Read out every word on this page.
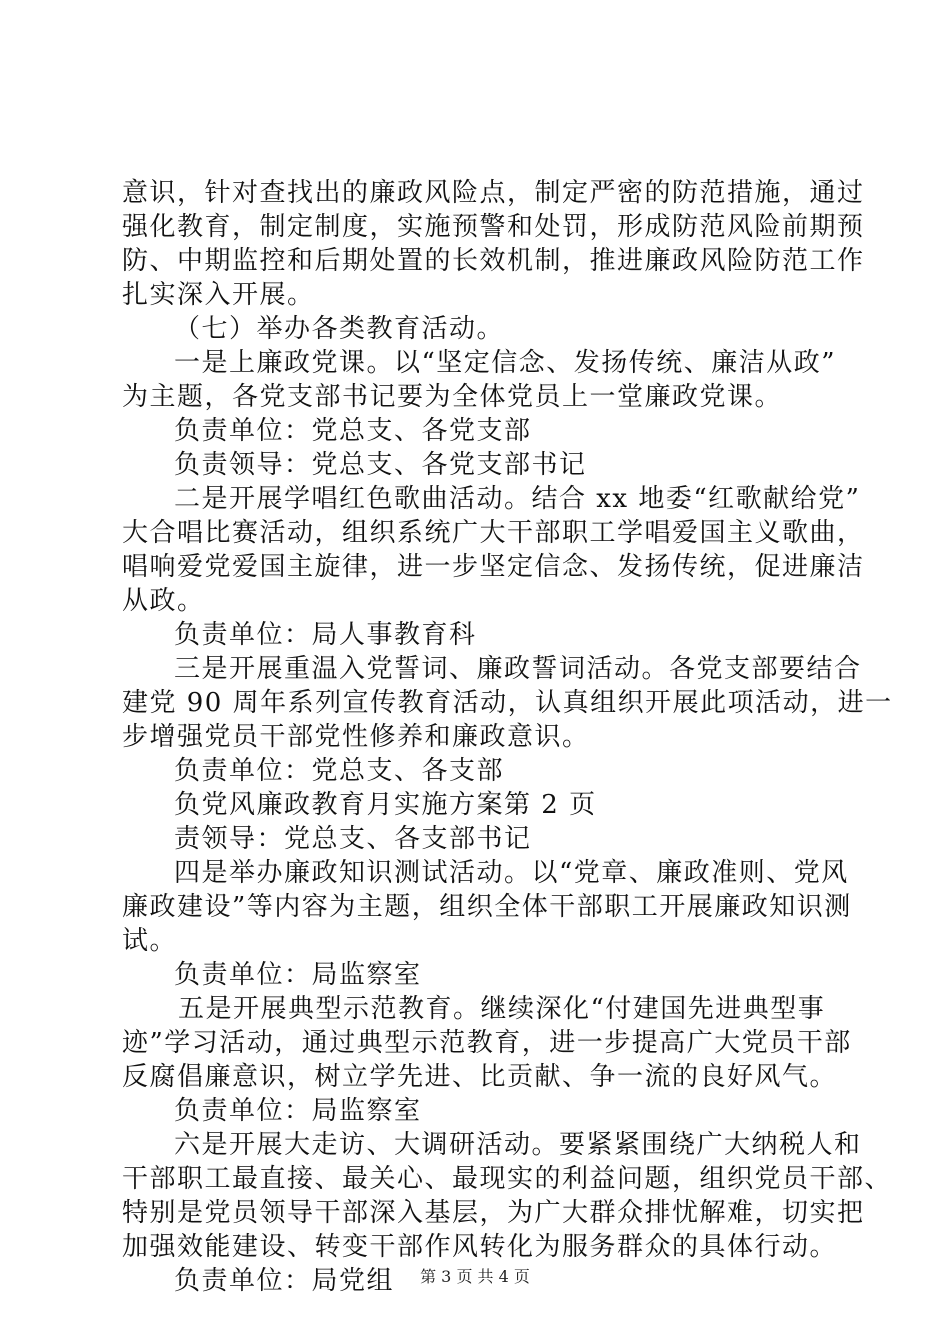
意识，针对查找出的廉政风险点，制定严密的防范措施，通过
强化教育，制定制度，实施预警和处罚，形成防范风险前期预
防、中期监控和后期处置的长效机制，推进廉政风险防范工作
扎实深入开展。
（七）举办各类教育活动。
一是上廉政党课。以“坚定信念、发扬传统、廉洁从政”
为主题，各党支部书记要为全体党员上一堂廉政党课。
负责单位：党总支、各党支部
负责领导：党总支、各党支部书记
二是开展学唱红色歌曲活动。结合 xx 地委“红歌献给党”
大合唱比赛活动，组织系统广大干部职工学唱爱国主义歌曲，
唱响爱党爱国主旋律，进一步坚定信念、发扬传统，促进廉洁
从政。
负责单位：局人事教育科
三是开展重温入党誓词、廉政誓词活动。各党支部要结合
建党 90 周年系列宣传教育活动，认真组织开展此项活动，进一
步增强党员干部党性修养和廉政意识。
负责单位：党总支、各支部
负党风廉政教育月实施方案第 2 页
责领导：党总支、各支部书记
四是举办廉政知识测试活动。以“党章、廉政准则、党风
廉政建设”等内容为主题，组织全体干部职工开展廉政知识测
试。
负责单位：局监察室
五是开展典型示范教育。继续深化“付建国先进典型事
迹”学习活动，通过典型示范教育，进一步提高广大党员干部
反腐倡廉意识，树立学先进、比贡献、争一流的良好风气。
负责单位：局监察室
六是开展大走访、大调研活动。要紧紧围绕广大纳税人和
干部职工最直接、最关心、最现实的利益问题，组织党员干部、
特别是党员领导干部深入基层，为广大群众排忧解难，切实把
加强效能建设、转变干部作风转化为服务群众的具体行动。
负责单位：局党组	第 3 页 共 4 页
